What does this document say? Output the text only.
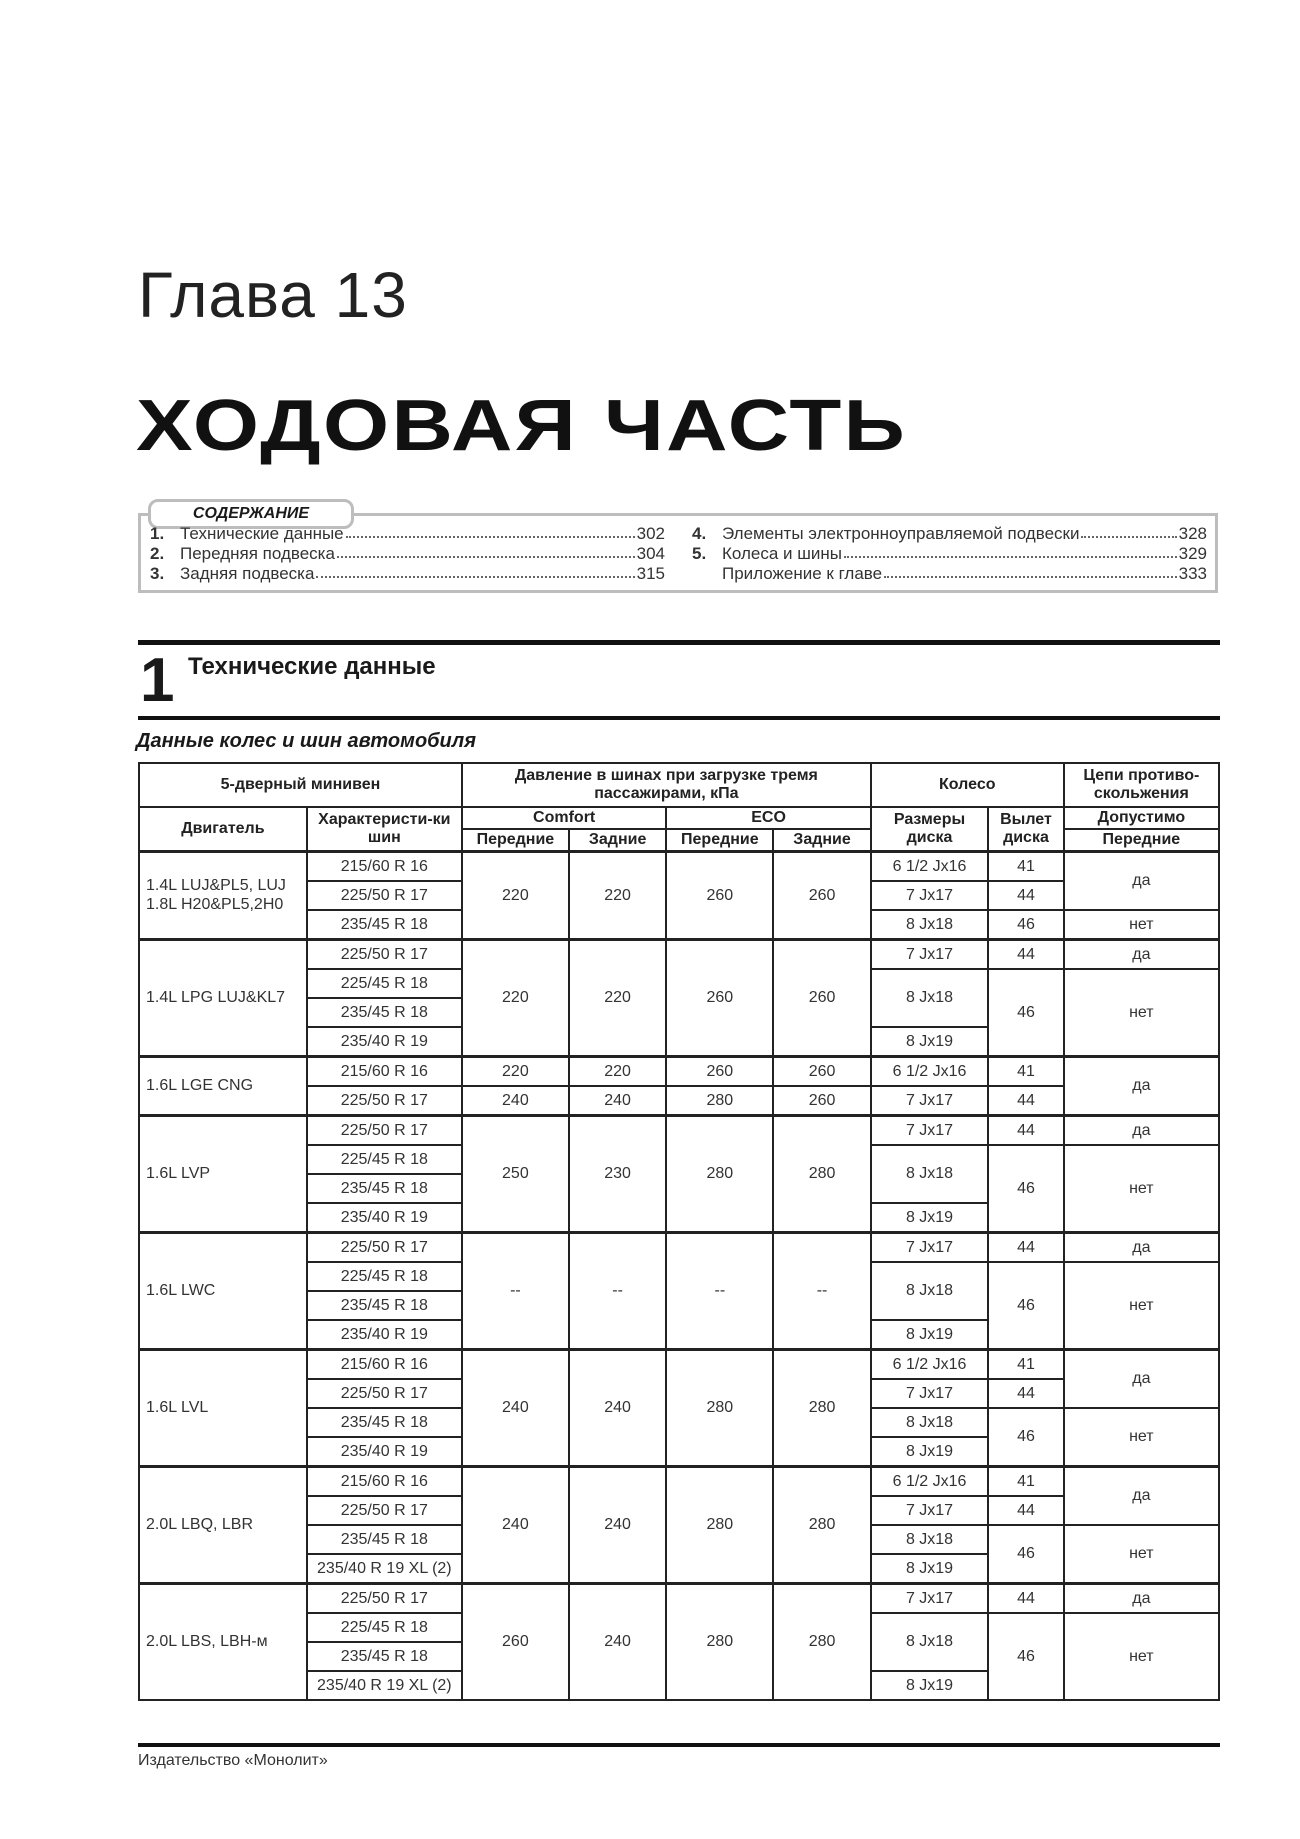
Глава 13
ХОДОВАЯ ЧАСТЬ
СОДЕРЖАНИЕ
1. Технические данные	302
2. Передняя подвеска	304
3. Задняя подвеска	315
4. Элементы электронноуправляемой подвески	328
5. Колеса и шины	329
Приложение к главе	333
1 Технические данные
Данные колес и шин автомобиля
5-дверный минивен		Давление в шинах при загрузке тремя пассажирами, кПа				Колесо		Цепи противо-скольжения
Двигатель	Характеристи-ки шин	Comfort		ECO		Размеры диска	Вылет диска	Допустимо
		Передние	Задние	Передние	Задние			Передние
1.4L LUJ&PL5, LUJ 1.8L H20&PL5,2H0	215/60 R 16	220	220	260	260	6 1/2 Jx16	41	да
	225/50 R 17					7 Jx17	44	
	235/45 R 18					8 Jx18	46	нет
1.4L LPG LUJ&KL7	225/50 R 17	220	220	260	260	7 Jx17	44	да
	225/45 R 18					8 Jx18	46	нет
	235/45 R 18							
	235/40 R 19					8 Jx19		
1.6L LGE CNG	215/60 R 16	220	220	260	260	6 1/2 Jx16	41	да
	225/50 R 17	240	240	280	260	7 Jx17	44	
1.6L LVP	225/50 R 17	250	230	280	280	7 Jx17	44	да
	225/45 R 18					8 Jx18	46	нет
	235/45 R 18							
	235/40 R 19					8 Jx19		
1.6L LWC	225/50 R 17	--	--	--	--	7 Jx17	44	да
	225/45 R 18					8 Jx18	46	нет
	235/45 R 18							
	235/40 R 19					8 Jx19		
1.6L LVL	215/60 R 16	240	240	280	280	6 1/2 Jx16	41	да
	225/50 R 17					7 Jx17	44	
	235/45 R 18					8 Jx18	46	нет
	235/40 R 19					8 Jx19		
2.0L LBQ, LBR	215/60 R 16	240	240	280	280	6 1/2 Jx16	41	да
	225/50 R 17					7 Jx17	44	
	235/45 R 18					8 Jx18	46	нет
	235/40 R 19 XL (2)					8 Jx19		
2.0L LBS, LBH-м	225/50 R 17	260	240	280	280	7 Jx17	44	да
	225/45 R 18					8 Jx18	46	нет
	235/45 R 18							
	235/40 R 19 XL (2)					8 Jx19		
Издательство «Монолит»
